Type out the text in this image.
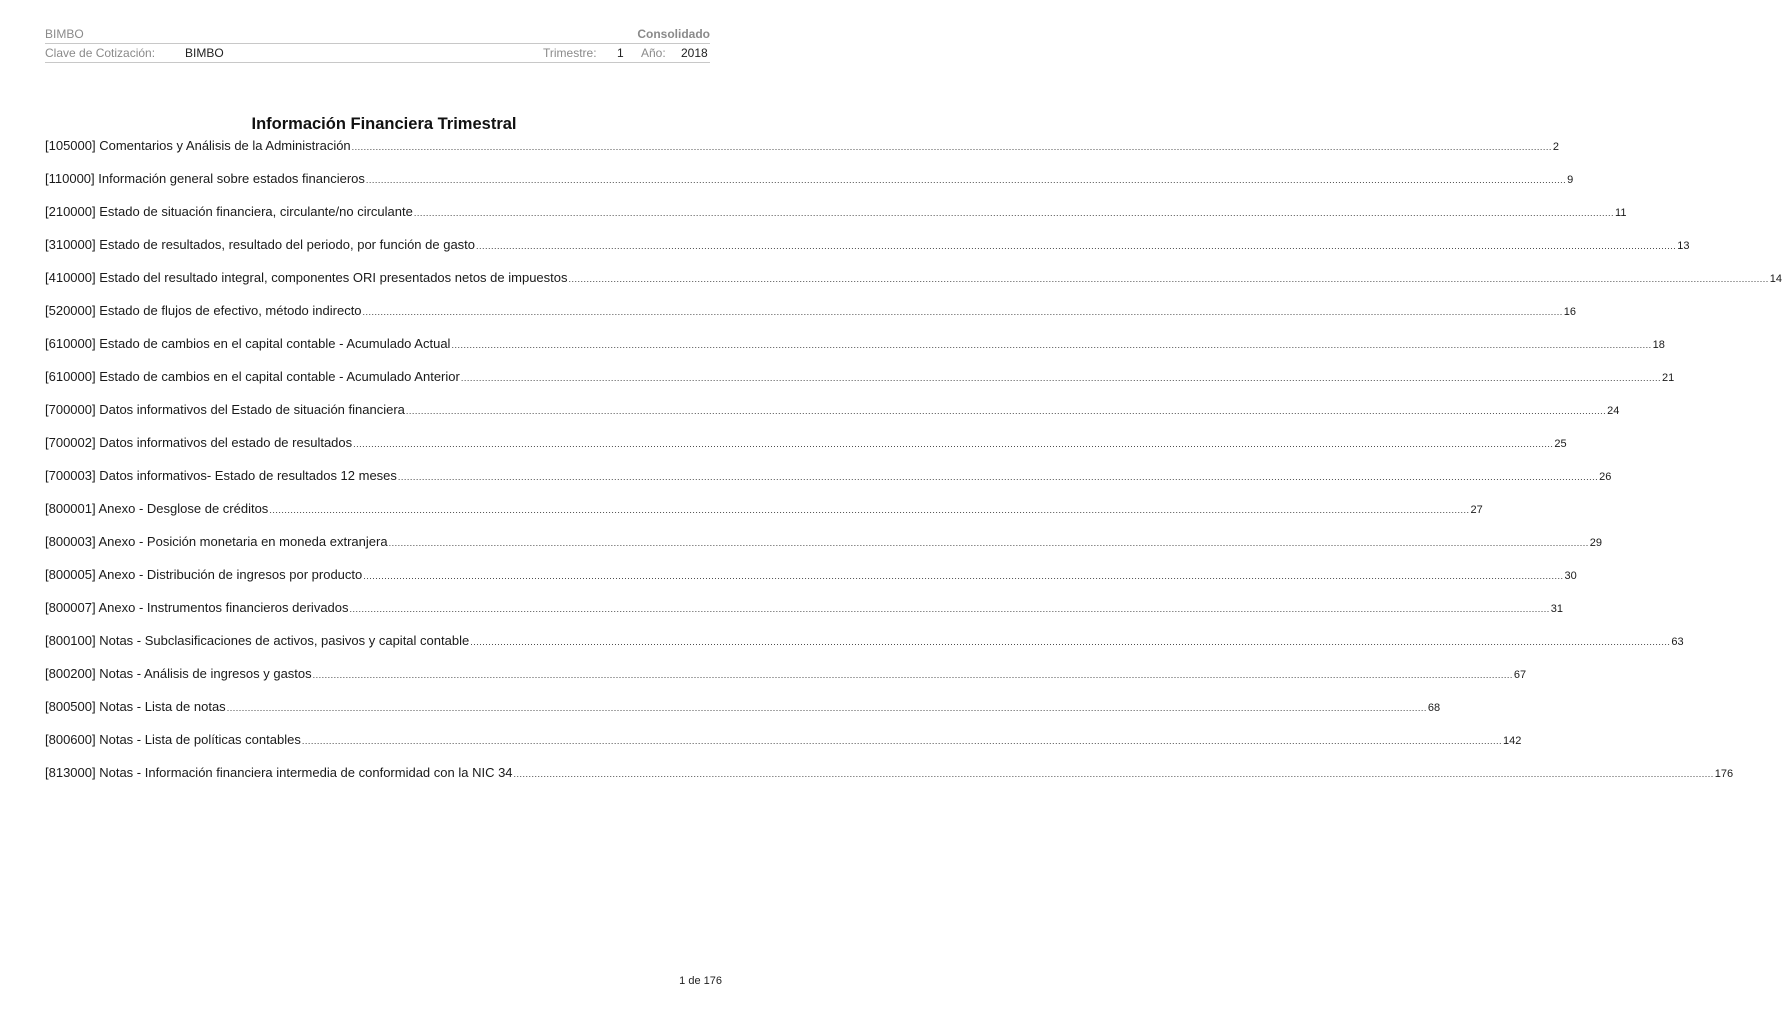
BIMBO	Consolidado
Clave de Cotización: BIMBO	Trimestre: 1 Año: 2018
Información Financiera Trimestral
[105000] Comentarios y Análisis de la Administración ................................................................................................................................................................................................................................................................................................................................................................................................................ 2
[110000] Información general sobre estados financieros ................................................................................................................................................................................................................................................................................................................................................................................................................ 9
[210000] Estado de situación financiera, circulante/no circulante ................................................................................................................................................................................................................................................................................................................................................................................................................ 11
[310000] Estado de resultados, resultado del periodo, por función de gasto ................................................................................................................................................................................................................................................................................................................................................................................................................ 13
[410000] Estado del resultado integral, componentes ORI presentados netos de impuestos ................................................................................................................................................................................................................................................................................................................................................................................................................ 14
[520000] Estado de flujos de efectivo, método indirecto ................................................................................................................................................................................................................................................................................................................................................................................................................ 16
[610000] Estado de cambios en el capital contable - Acumulado Actual ................................................................................................................................................................................................................................................................................................................................................................................................................ 18
[610000] Estado de cambios en el capital contable - Acumulado Anterior ................................................................................................................................................................................................................................................................................................................................................................................................................ 21
[700000] Datos informativos del Estado de situación financiera ................................................................................................................................................................................................................................................................................................................................................................................................................ 24
[700002] Datos informativos del estado de resultados ................................................................................................................................................................................................................................................................................................................................................................................................................ 25
[700003] Datos informativos- Estado de resultados 12 meses ................................................................................................................................................................................................................................................................................................................................................................................................................ 26
[800001] Anexo - Desglose de créditos ................................................................................................................................................................................................................................................................................................................................................................................................................ 27
[800003] Anexo - Posición monetaria en moneda extranjera ................................................................................................................................................................................................................................................................................................................................................................................................................ 29
[800005] Anexo - Distribución de ingresos por producto ................................................................................................................................................................................................................................................................................................................................................................................................................ 30
[800007] Anexo - Instrumentos financieros derivados ................................................................................................................................................................................................................................................................................................................................................................................................................ 31
[800100] Notas - Subclasificaciones de activos, pasivos y capital contable ................................................................................................................................................................................................................................................................................................................................................................................................................ 63
[800200] Notas - Análisis de ingresos y gastos ................................................................................................................................................................................................................................................................................................................................................................................................................ 67
[800500] Notas - Lista de notas ................................................................................................................................................................................................................................................................................................................................................................................................................ 68
[800600] Notas - Lista de políticas contables ................................................................................................................................................................................................................................................................................................................................................................................................................ 142
[813000] Notas - Información financiera intermedia de conformidad con la NIC 34 ................................................................................................................................................................................................................................................................................................................................................................................................................ 176
1 de 176
